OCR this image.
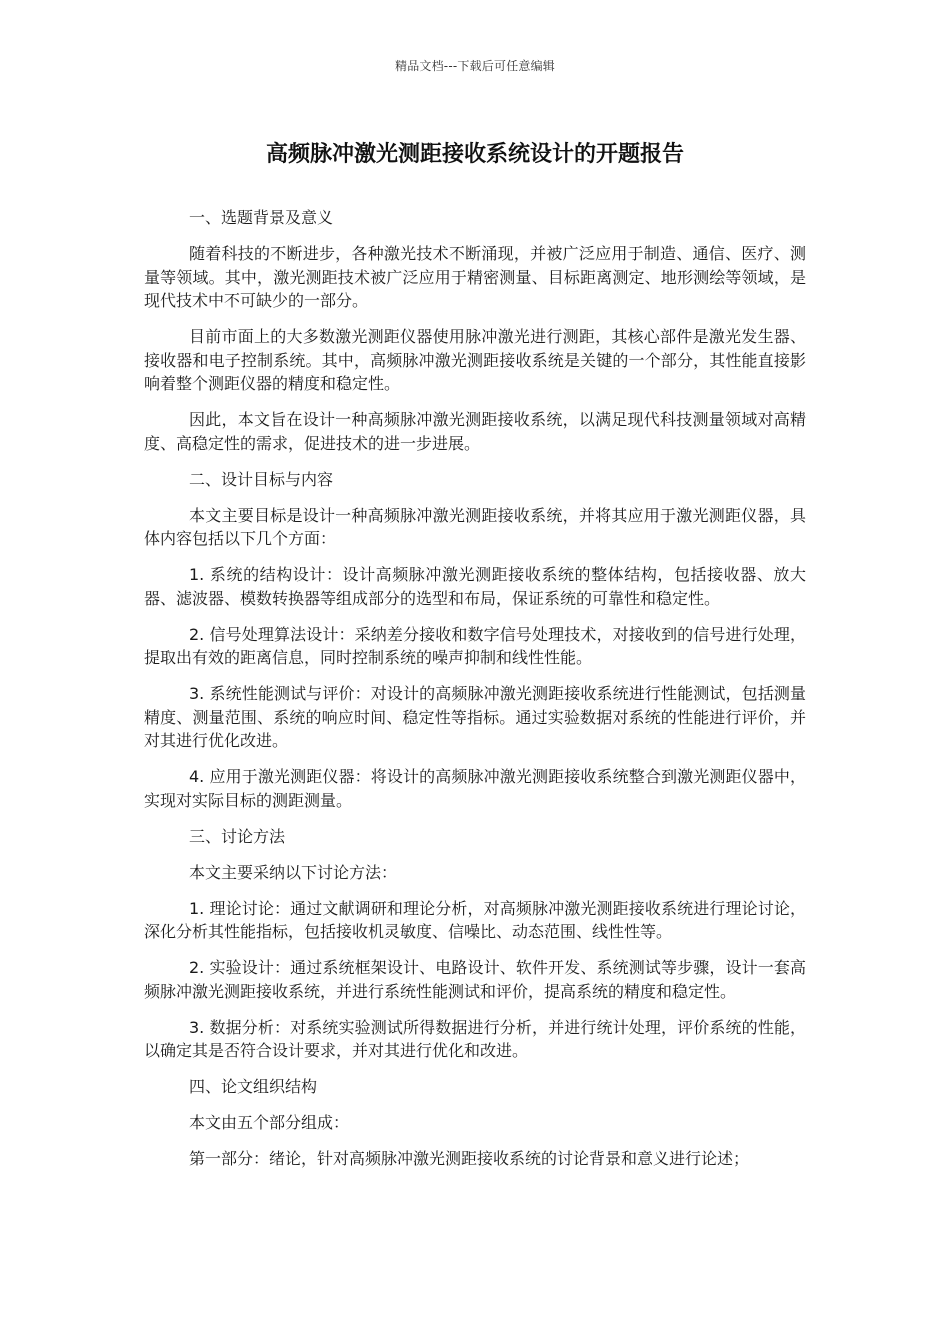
精品文档---下载后可任意编辑
高频脉冲激光测距接收系统设计的开题报告

一、选题背景及意义

随着科技的不断进步，各种激光技术不断涌现，并被广泛应用于制造、通信、医疗、测量等领域。其中，激光测距技术被广泛应用于精密测量、目标距离测定、地形测绘等领域，是现代技术中不可缺少的一部分。

目前市面上的大多数激光测距仪器使用脉冲激光进行测距，其核心部件是激光发生器、接收器和电子控制系统。其中，高频脉冲激光测距接收系统是关键的一个部分，其性能直接影响着整个测距仪器的精度和稳定性。

因此，本文旨在设计一种高频脉冲激光测距接收系统，以满足现代科技测量领域对高精度、高稳定性的需求，促进技术的进一步进展。

二、设计目标与内容

本文主要目标是设计一种高频脉冲激光测距接收系统，并将其应用于激光测距仪器，具体内容包括以下几个方面：

1. 系统的结构设计：设计高频脉冲激光测距接收系统的整体结构，包括接收器、放大器、滤波器、模数转换器等组成部分的选型和布局，保证系统的可靠性和稳定性。

2. 信号处理算法设计：采纳差分接收和数字信号处理技术，对接收到的信号进行处理，提取出有效的距离信息，同时控制系统的噪声抑制和线性性能。

3. 系统性能测试与评价：对设计的高频脉冲激光测距接收系统进行性能测试，包括测量精度、测量范围、系统的响应时间、稳定性等指标。通过实验数据对系统的性能进行评价，并对其进行优化改进。

4. 应用于激光测距仪器：将设计的高频脉冲激光测距接收系统整合到激光测距仪器中，实现对实际目标的测距测量。

三、讨论方法

本文主要采纳以下讨论方法：

1. 理论讨论：通过文献调研和理论分析，对高频脉冲激光测距接收系统进行理论讨论，深化分析其性能指标，包括接收机灵敏度、信噪比、动态范围、线性性等。

2. 实验设计：通过系统框架设计、电路设计、软件开发、系统测试等步骤，设计一套高频脉冲激光测距接收系统，并进行系统性能测试和评价，提高系统的精度和稳定性。

3. 数据分析：对系统实验测试所得数据进行分析，并进行统计处理，评价系统的性能，以确定其是否符合设计要求，并对其进行优化和改进。

四、论文组织结构

本文由五个部分组成：

第一部分：绪论，针对高频脉冲激光测距接收系统的讨论背景和意义进行论述；
